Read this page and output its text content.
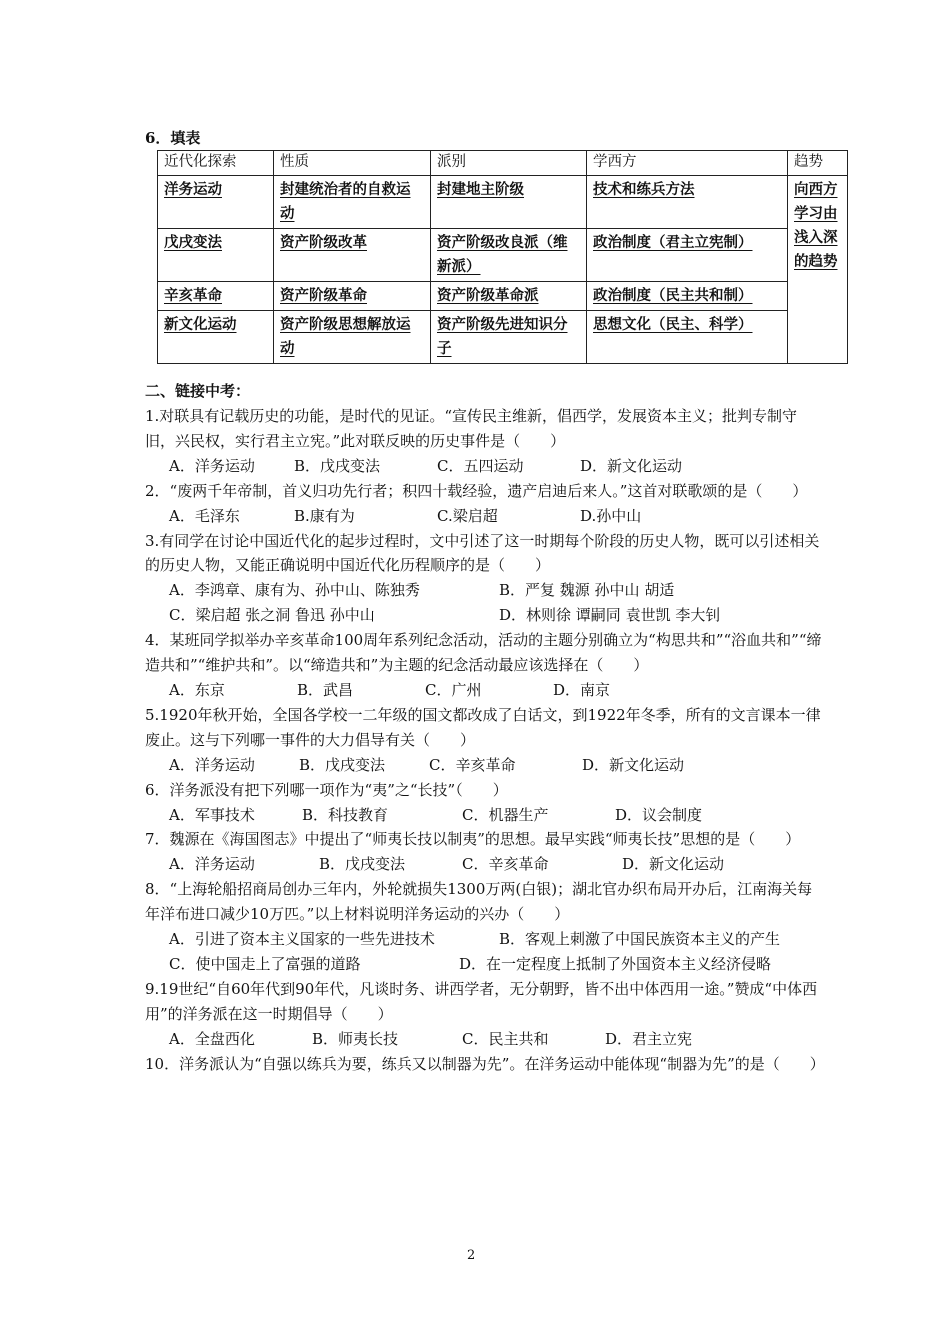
6．填表
近代化探索	性质	派别	学西方	趋势
洋务运动	封建统治者的自救运动	封建地主阶级	技术和练兵方法	向西方学习由浅入深的趋势
戊戌变法	资产阶级改革	资产阶级改良派（维新派）	政治制度（君主立宪制）	
辛亥革命	资产阶级革命	资产阶级革命派	政治制度（民主共和制）	
新文化运动	资产阶级思想解放运动	资产阶级先进知识分子	思想文化（民主、科学）	
二、链接中考：
1.对联具有记载历史的功能，是时代的见证。“宣传民主维新，倡西学，发展资本主义；批判专制守旧，兴民权，实行君主立宪。”此对联反映的历史事件是（　　）
A．洋务运动	B．戊戌变法	C．五四运动	D．新文化运动
2．“废两千年帝制，首义归功先行者；积四十载经验，遗产启迪后来人。”这首对联歌颂的是（　　）
A．毛泽东	B.康有为	C.梁启超	D.孙中山
3.有同学在讨论中国近代化的起步过程时，文中引述了这一时期每个阶段的历史人物，既可以引述相关的历史人物，又能正确说明中国近代化历程顺序的是（　　）
A．李鸿章、康有为、孙中山、陈独秀	B．严复 魏源 孙中山 胡适
C．梁启超 张之洞 鲁迅 孙中山	D．林则徐 谭嗣同 袁世凯 李大钊
4．某班同学拟举办辛亥革命100周年系列纪念活动，活动的主题分别确立为“构思共和”“浴血共和”“缔造共和”“维护共和”。以“缔造共和”为主题的纪念活动最应该选择在（　　）
A．东京	B．武昌	C．广州	D．南京
5.1920年秋开始，全国各学校一二年级的国文都改成了白话文，到1922年冬季，所有的文言课本一律废止。这与下列哪一事件的大力倡导有关（　　）
A．洋务运动	B．戊戌变法	C．辛亥革命	D．新文化运动
6．洋务派没有把下列哪一项作为“夷”之“长技”（　　）
A．军事技术	B．科技教育	C．机器生产	D．议会制度
7．魏源在《海国图志》中提出了“师夷长技以制夷”的思想。最早实践“师夷长技”思想的是（　　）
A．洋务运动	B．戊戌变法	C．辛亥革命	D．新文化运动
8．“上海轮船招商局创办三年内，外轮就损失1300万两(白银)；湖北官办织布局开办后，江南海关每年洋布进口减少10万匹。”以上材料说明洋务运动的兴办（　　）
A．引进了资本主义国家的一些先进技术	B．客观上刺激了中国民族资本主义的产生
C．使中国走上了富强的道路	D．在一定程度上抵制了外国资本主义经济侵略
9.19世纪“自60年代到90年代，凡谈时务、讲西学者，无分朝野，皆不出中体西用一途。”赞成“中体西用”的洋务派在这一时期倡导（　　）
A．全盘西化	B．师夷长技	C．民主共和	D．君主立宪
10．洋务派认为“自强以练兵为要，练兵又以制器为先”。在洋务运动中能体现“制器为先”的是（　　）
2
